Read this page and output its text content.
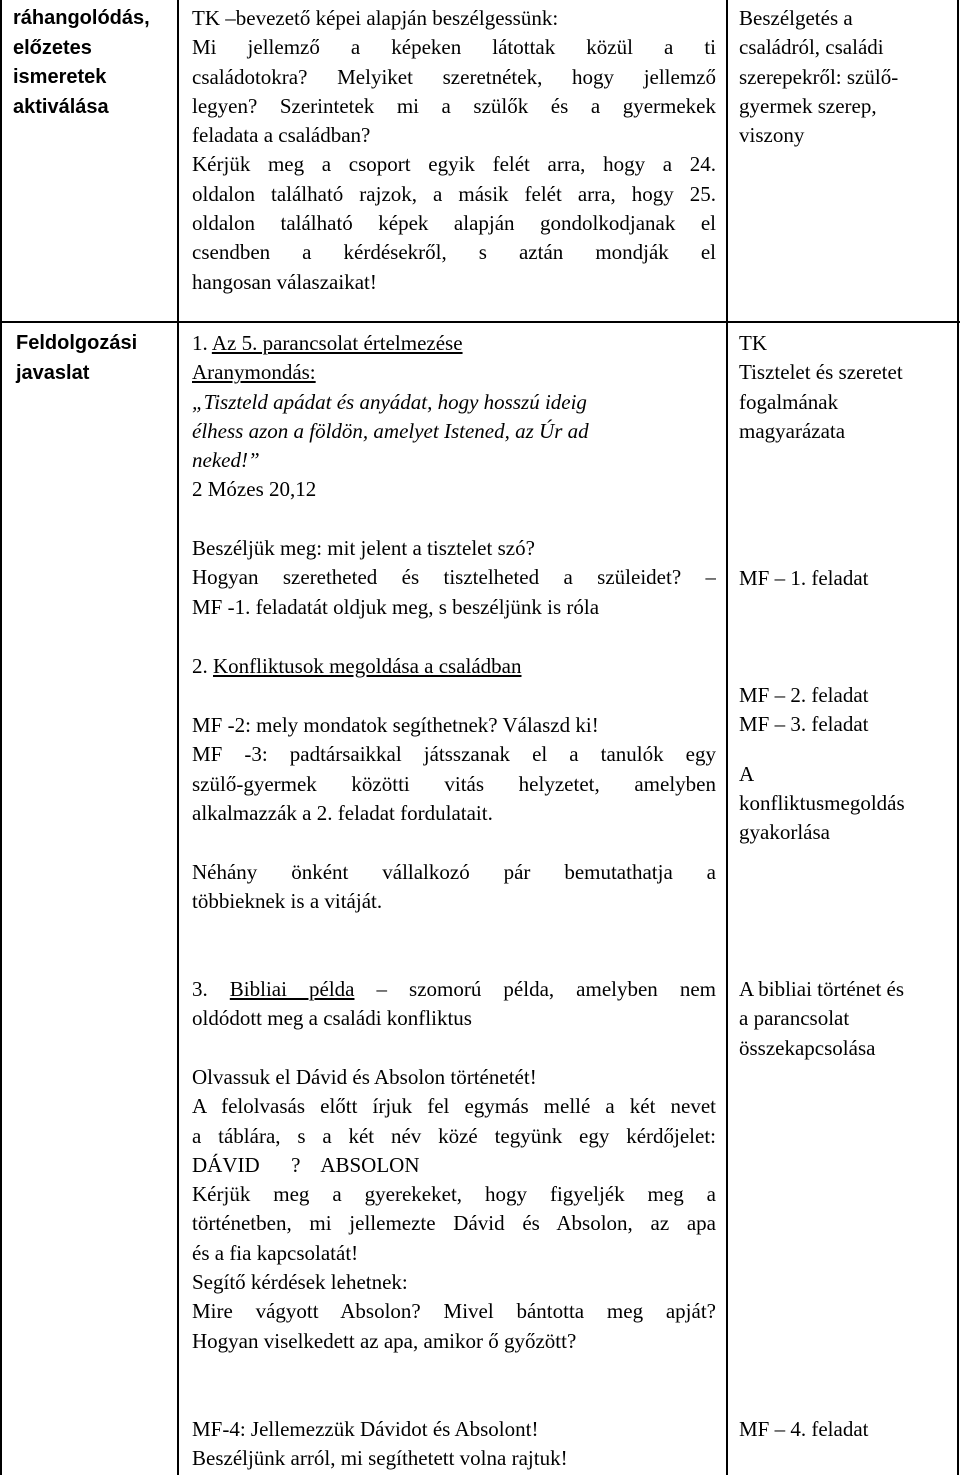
ráhangolódás,
előzetes
ismeretek
aktiválása
TK –bevezető képei alapján beszélgessünk:
Mi jellemző a képeken látottak közül a ti
családotokra? Melyiket szeretnétek, hogy jellemző
legyen? Szerintetek mi a szülők és a gyermekek
feladata a családban?
Kérjük meg a csoport egyik felét arra, hogy a 24.
oldalon található rajzok, a másik felét arra, hogy 25.
oldalon található képek alapján gondolkodjanak el
csendben a kérdésekről, s aztán mondják el
hangosan válaszaikat!
Beszélgetés a
családról, családi
szerepekről: szülő-
gyermek szerep,
viszony
Feldolgozási
javaslat
1. Az 5. parancsolat értelmezése
Aranymondás:
„Tiszteld apádat és anyádat, hogy hosszú ideig
élhess azon a földön, amelyet Istened, az Úr ad
neked!”
2 Mózes 20,12
Beszéljük meg: mit jelent a tisztelet szó?
Hogyan szeretheted és tisztelheted a szüleidet? –
MF -1. feladatát oldjuk meg, s beszéljünk is róla
2. Konfliktusok megoldása a családban
MF -2: mely mondatok segíthetnek? Válaszd ki!
MF -3: padtársaikkal játsszanak el a tanulók egy
szülő-gyermek közötti vitás helyzetet, amelyben
alkalmazzák a 2. feladat fordulatait.
Néhány önként vállalkozó pár bemutathatja a
többieknek is a vitáját.
3. Bibliai példa – szomorú példa, amelyben nem
oldódott meg a családi konfliktus
Olvassuk el Dávid és Absolon történetét!
A felolvasás előtt írjuk fel egymás mellé a két nevet
a táblára, s a két név közé tegyünk egy kérdőjelet:
DÁVID      ?    ABSOLON
Kérjük meg a gyerekeket, hogy figyeljék meg a
történetben, mi jellemezte Dávid és Absolon, az apa
és a fia kapcsolatát!
Segítő kérdések lehetnek:
Mire vágyott Absolon? Mivel bántotta meg apját?
Hogyan viselkedett az apa, amikor ő győzött?
MF-4: Jellemezzük Dávidot és Absolont!
Beszéljünk arról, mi segíthetett volna rajtuk!
TK
Tisztelet és szeretet
fogalmának
magyarázata
MF – 1. feladat
MF – 2. feladat
MF – 3. feladat
A
konfliktusmegoldás
gyakorlása
A bibliai történet és
a parancsolat
összekapcsolása
MF – 4. feladat
